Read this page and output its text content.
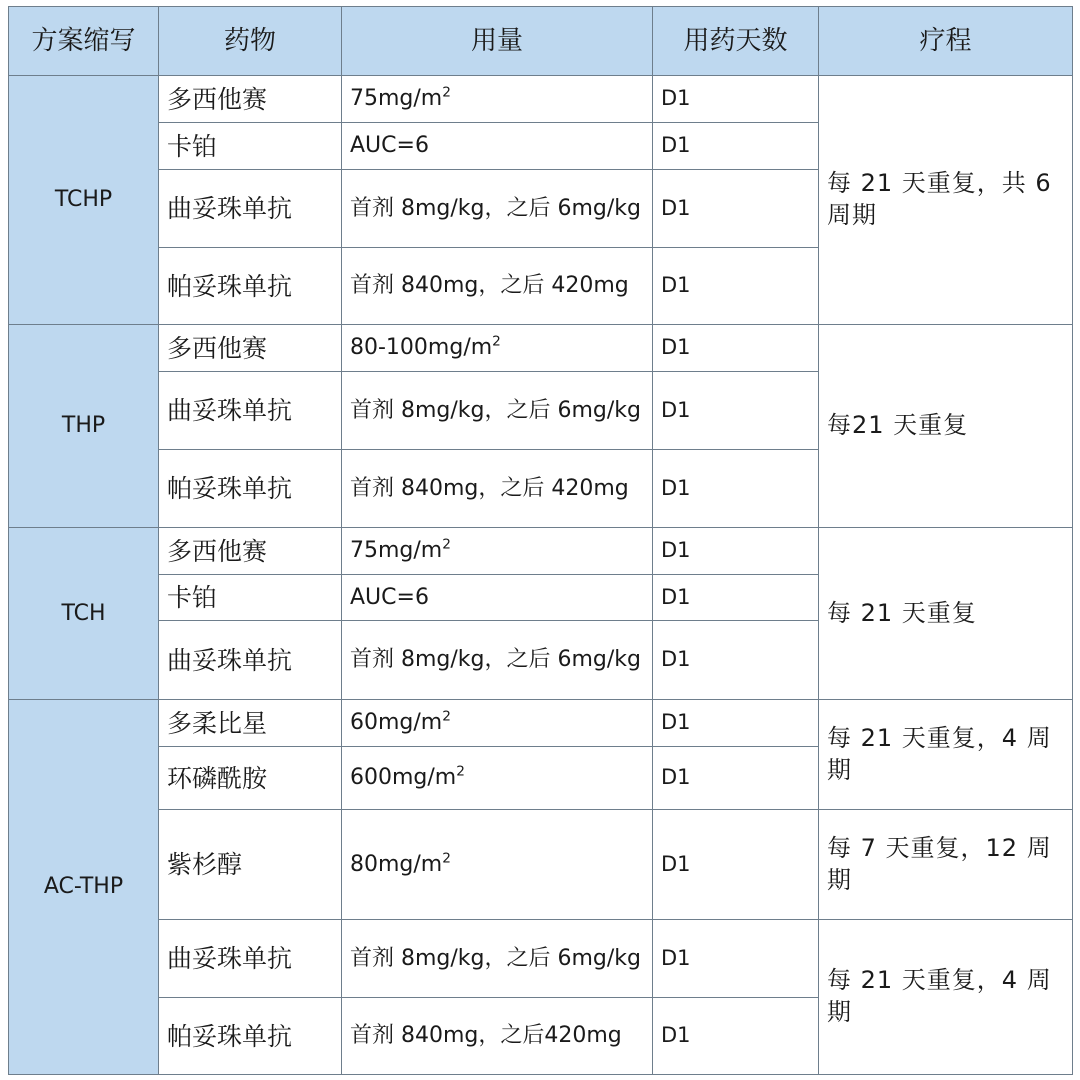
方案缩写	药物	用量	用药天数	疗程
TCHP	多西他赛	$75mg/m^2$	D1	每 21 天重复，共 6 周期
	卡铂	AUC=6	D1	
	曲妥珠单抗	首剂 8mg/kg，之后 6mg/kg	D1	
	帕妥珠单抗	首剂 840mg，之后 420mg	D1	
THP	多西他赛	$80-100mg/m^2$	D1	每21 天重复
	曲妥珠单抗	首剂 8mg/kg，之后 6mg/kg	D1	
	帕妥珠单抗	首剂 840mg，之后 420mg	D1	
TCH	多西他赛	$75mg/m^2$	D1	每 21 天重复
	卡铂	AUC=6	D1	
	曲妥珠单抗	首剂 8mg/kg，之后 6mg/kg	D1	
AC-THP	多柔比星	$60mg/m^2$	D1	每 21 天重复，4 周期
	环磷酰胺	$600mg/m^2$	D1	
	紫杉醇	$80mg/m^2$	D1	每 7 天重复，12 周期
	曲妥珠单抗	首剂 8mg/kg，之后 6mg/kg	D1	每 21 天重复，4 周期
	帕妥珠单抗	首剂 840mg，之后420mg	D1	
